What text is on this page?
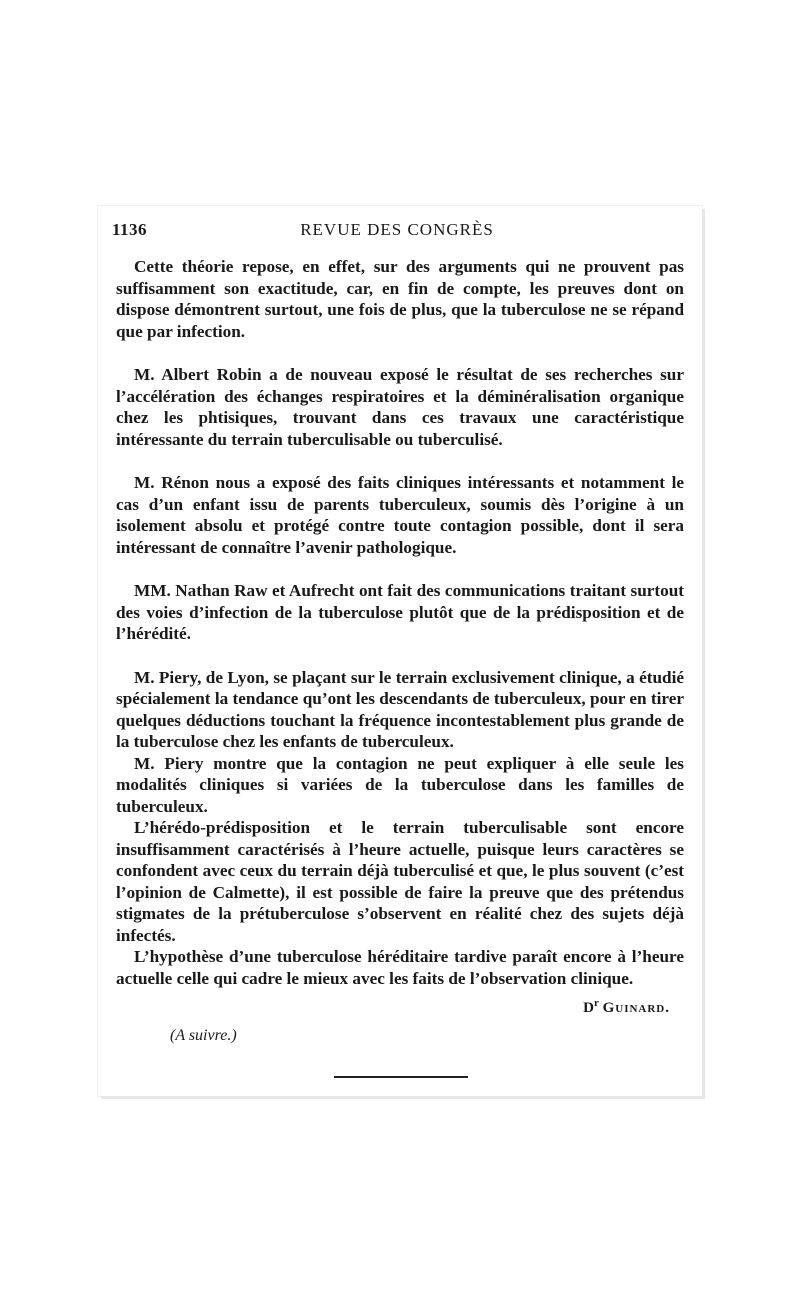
1136	REVUE DES CONGRÈS

Cette théorie repose, en effet, sur des arguments qui ne prouvent pas suffisamment son exactitude, car, en fin de compte, les preuves dont on dispose démontrent surtout, une fois de plus, que la tuberculose ne se répand que par infection.

M. Albert Robin a de nouveau exposé le résultat de ses recherches sur l’accélération des échanges respiratoires et la déminéralisation organique chez les phtisiques, trouvant dans ces travaux une caractéristique intéressante du terrain tuberculisable ou tuberculisé.

M. Rénon nous a exposé des faits cliniques intéressants et notamment le cas d’un enfant issu de parents tuberculeux, soumis dès l’origine à un isolement absolu et protégé contre toute contagion possible, dont il sera intéressant de connaître l’avenir pathologique.

MM. Nathan Raw et Aufrecht ont fait des communications traitant surtout des voies d’infection de la tuberculose plutôt que de la prédisposition et de l’hérédité.

M. Piery, de Lyon, se plaçant sur le terrain exclusivement clinique, a étudié spécialement la tendance qu’ont les descendants de tuberculeux, pour en tirer quelques déductions touchant la fréquence incontestablement plus grande de la tuberculose chez les enfants de tuberculeux.

M. Piery montre que la contagion ne peut expliquer à elle seule les modalités cliniques si variées de la tuberculose dans les familles de tuberculeux.

L’hérédo-prédisposition et le terrain tuberculisable sont encore insuffisamment caractérisés à l’heure actuelle, puisque leurs caractères se confondent avec ceux du terrain déjà tuberculisé et que, le plus souvent (c’est l’opinion de Calmette), il est possible de faire la preuve que des prétendus stigmates de la prétuberculose s’observent en réalité chez des sujets déjà infectés.

L’hypothèse d’une tuberculose héréditaire tardive paraît encore à l’heure actuelle celle qui cadre le mieux avec les faits de l’observation clinique.

$D^r$ Guinard.
(A suivre.)
